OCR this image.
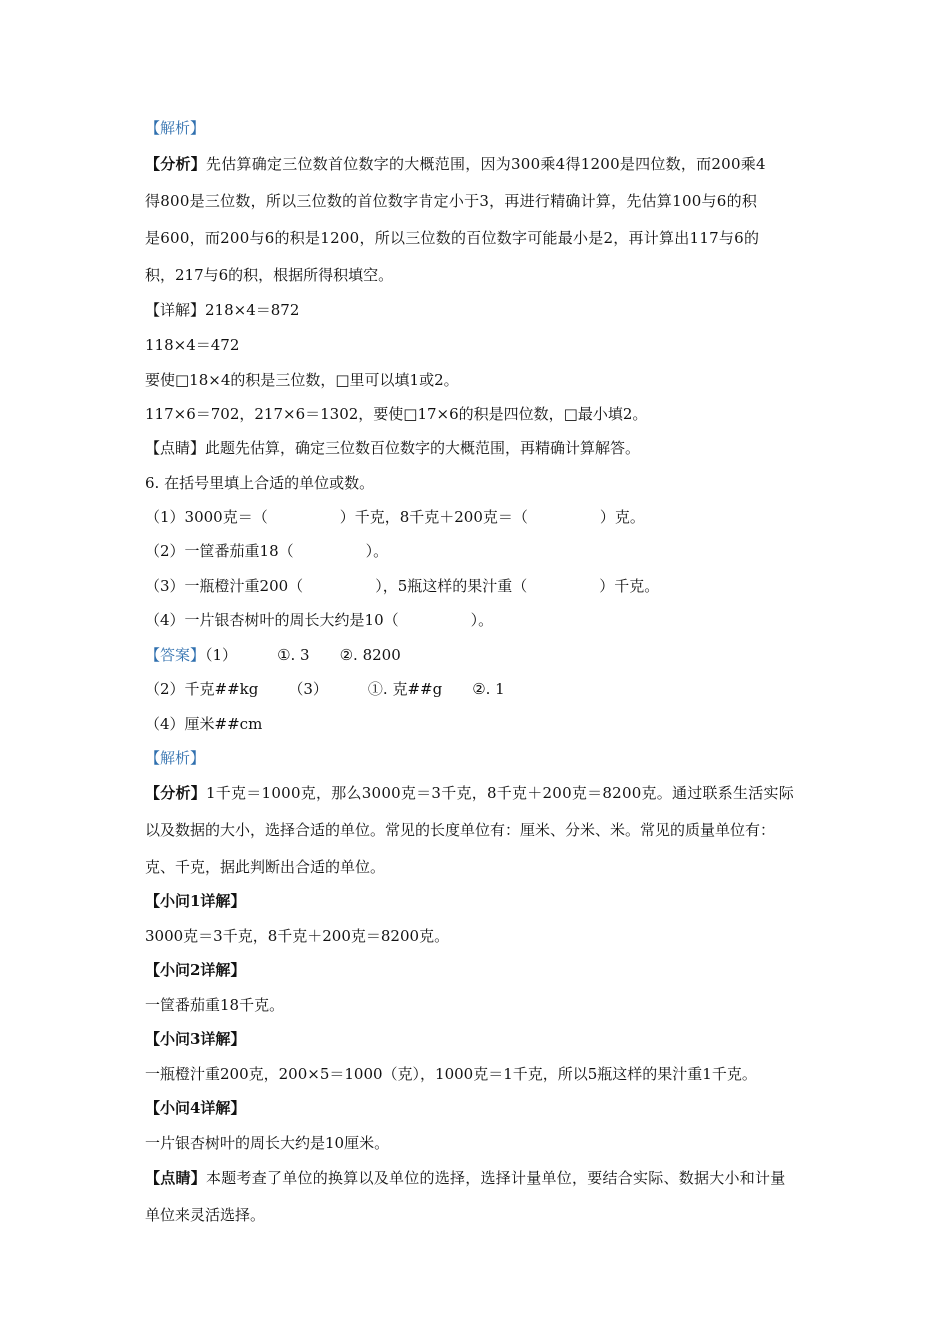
【解析】
【分析】先估算确定三位数首位数字的大概范围，因为300乘4得1200是四位数，而200乘4
得800是三位数，所以三位数的首位数字肯定小于3，再进行精确计算，先估算100与6的积
是600，而200与6的积是1200，所以三位数的百位数字可能最小是2，再计算出117与6的
积，217与6的积，根据所得积填空。
【详解】218×4＝872
118×4＝472
要使□18×4的积是三位数，□里可以填1或2。
117×6＝702，217×6＝1302，要使□17×6的积是四位数，□最小填2。
【点睛】此题先估算，确定三位数百位数字的大概范围，再精确计算解答。
6. 在括号里填上合适的单位或数。
（1）3000克＝（	）千克，8千克＋200克＝（	）克。
（2）一筐番茄重18（	）。
（3）一瓶橙汁重200（	），5瓶这样的果汁重（	）千克。
（4）一片银杏树叶的周长大约是10（	）。
【答案】（1）	①. 3 ②. 8200
（2）千克##kg （3）	①. 克##g ②. 1
（4）厘米##cm
【解析】
【分析】1千克＝1000克，那么3000克＝3千克，8千克＋200克＝8200克。通过联系生活实际
以及数据的大小，选择合适的单位。常见的长度单位有：厘米、分米、米。常见的质量单位有：
克、千克，据此判断出合适的单位。
【小问1详解】
3000克＝3千克，8千克＋200克＝8200克。
【小问2详解】
一筐番茄重18千克。
【小问3详解】
一瓶橙汁重200克，200×5＝1000（克），1000克＝1千克，所以5瓶这样的果汁重1千克。
【小问4详解】
一片银杏树叶的周长大约是10厘米。
【点睛】本题考查了单位的换算以及单位的选择，选择计量单位，要结合实际、数据大小和计量
单位来灵活选择。
